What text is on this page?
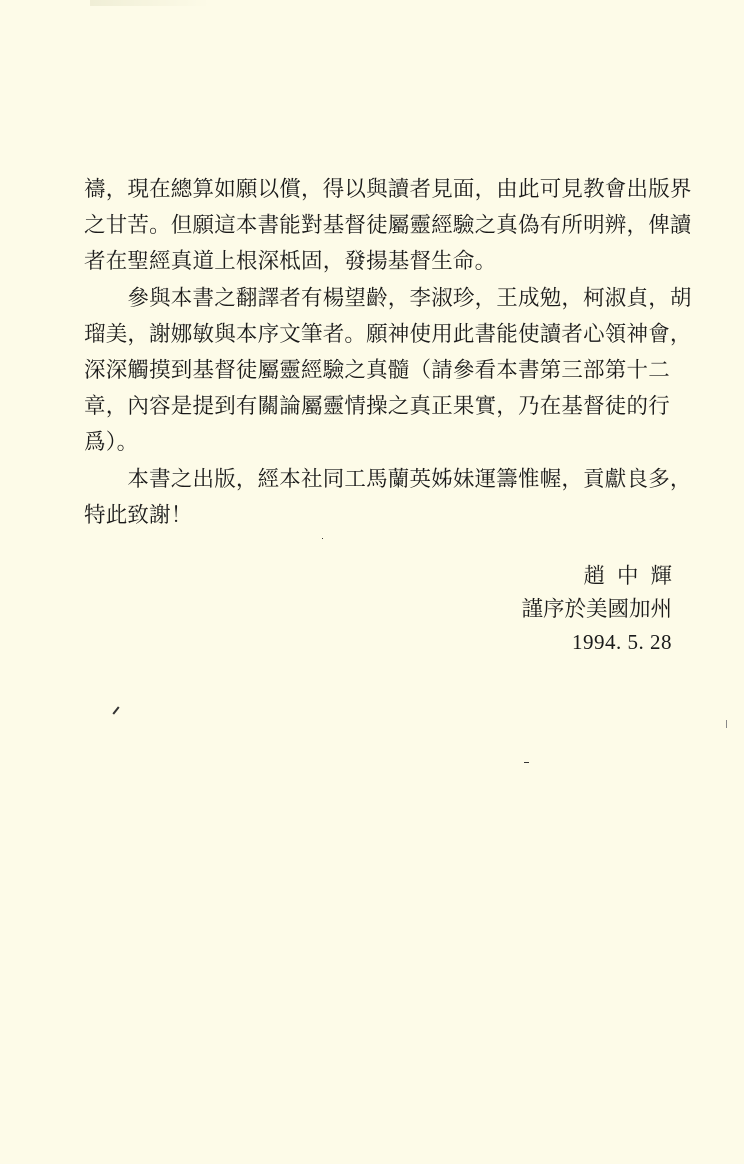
禱，現在總算如願以償，得以與讀者見面，由此可見教會出版界
之甘苦。但願這本書能對基督徒屬靈經驗之真偽有所明辨，俾讀
者在聖經真道上根深柢固，發揚基督生命。
　　參與本書之翻譯者有楊望齡，李淑珍，王成勉，柯淑貞，胡
瑠美，謝娜敏與本序文筆者。願神使用此書能使讀者心領神會，
深深觸摸到基督徒屬靈經驗之真髓（請參看本書第三部第十二
章，內容是提到有關論屬靈情操之真正果實，乃在基督徒的行
爲）。
　　本書之出版，經本社同工馬蘭英姊妹運籌惟幄，貢獻良多，
特此致謝！
趙中輝
謹序於美國加州
1994. 5. 28
